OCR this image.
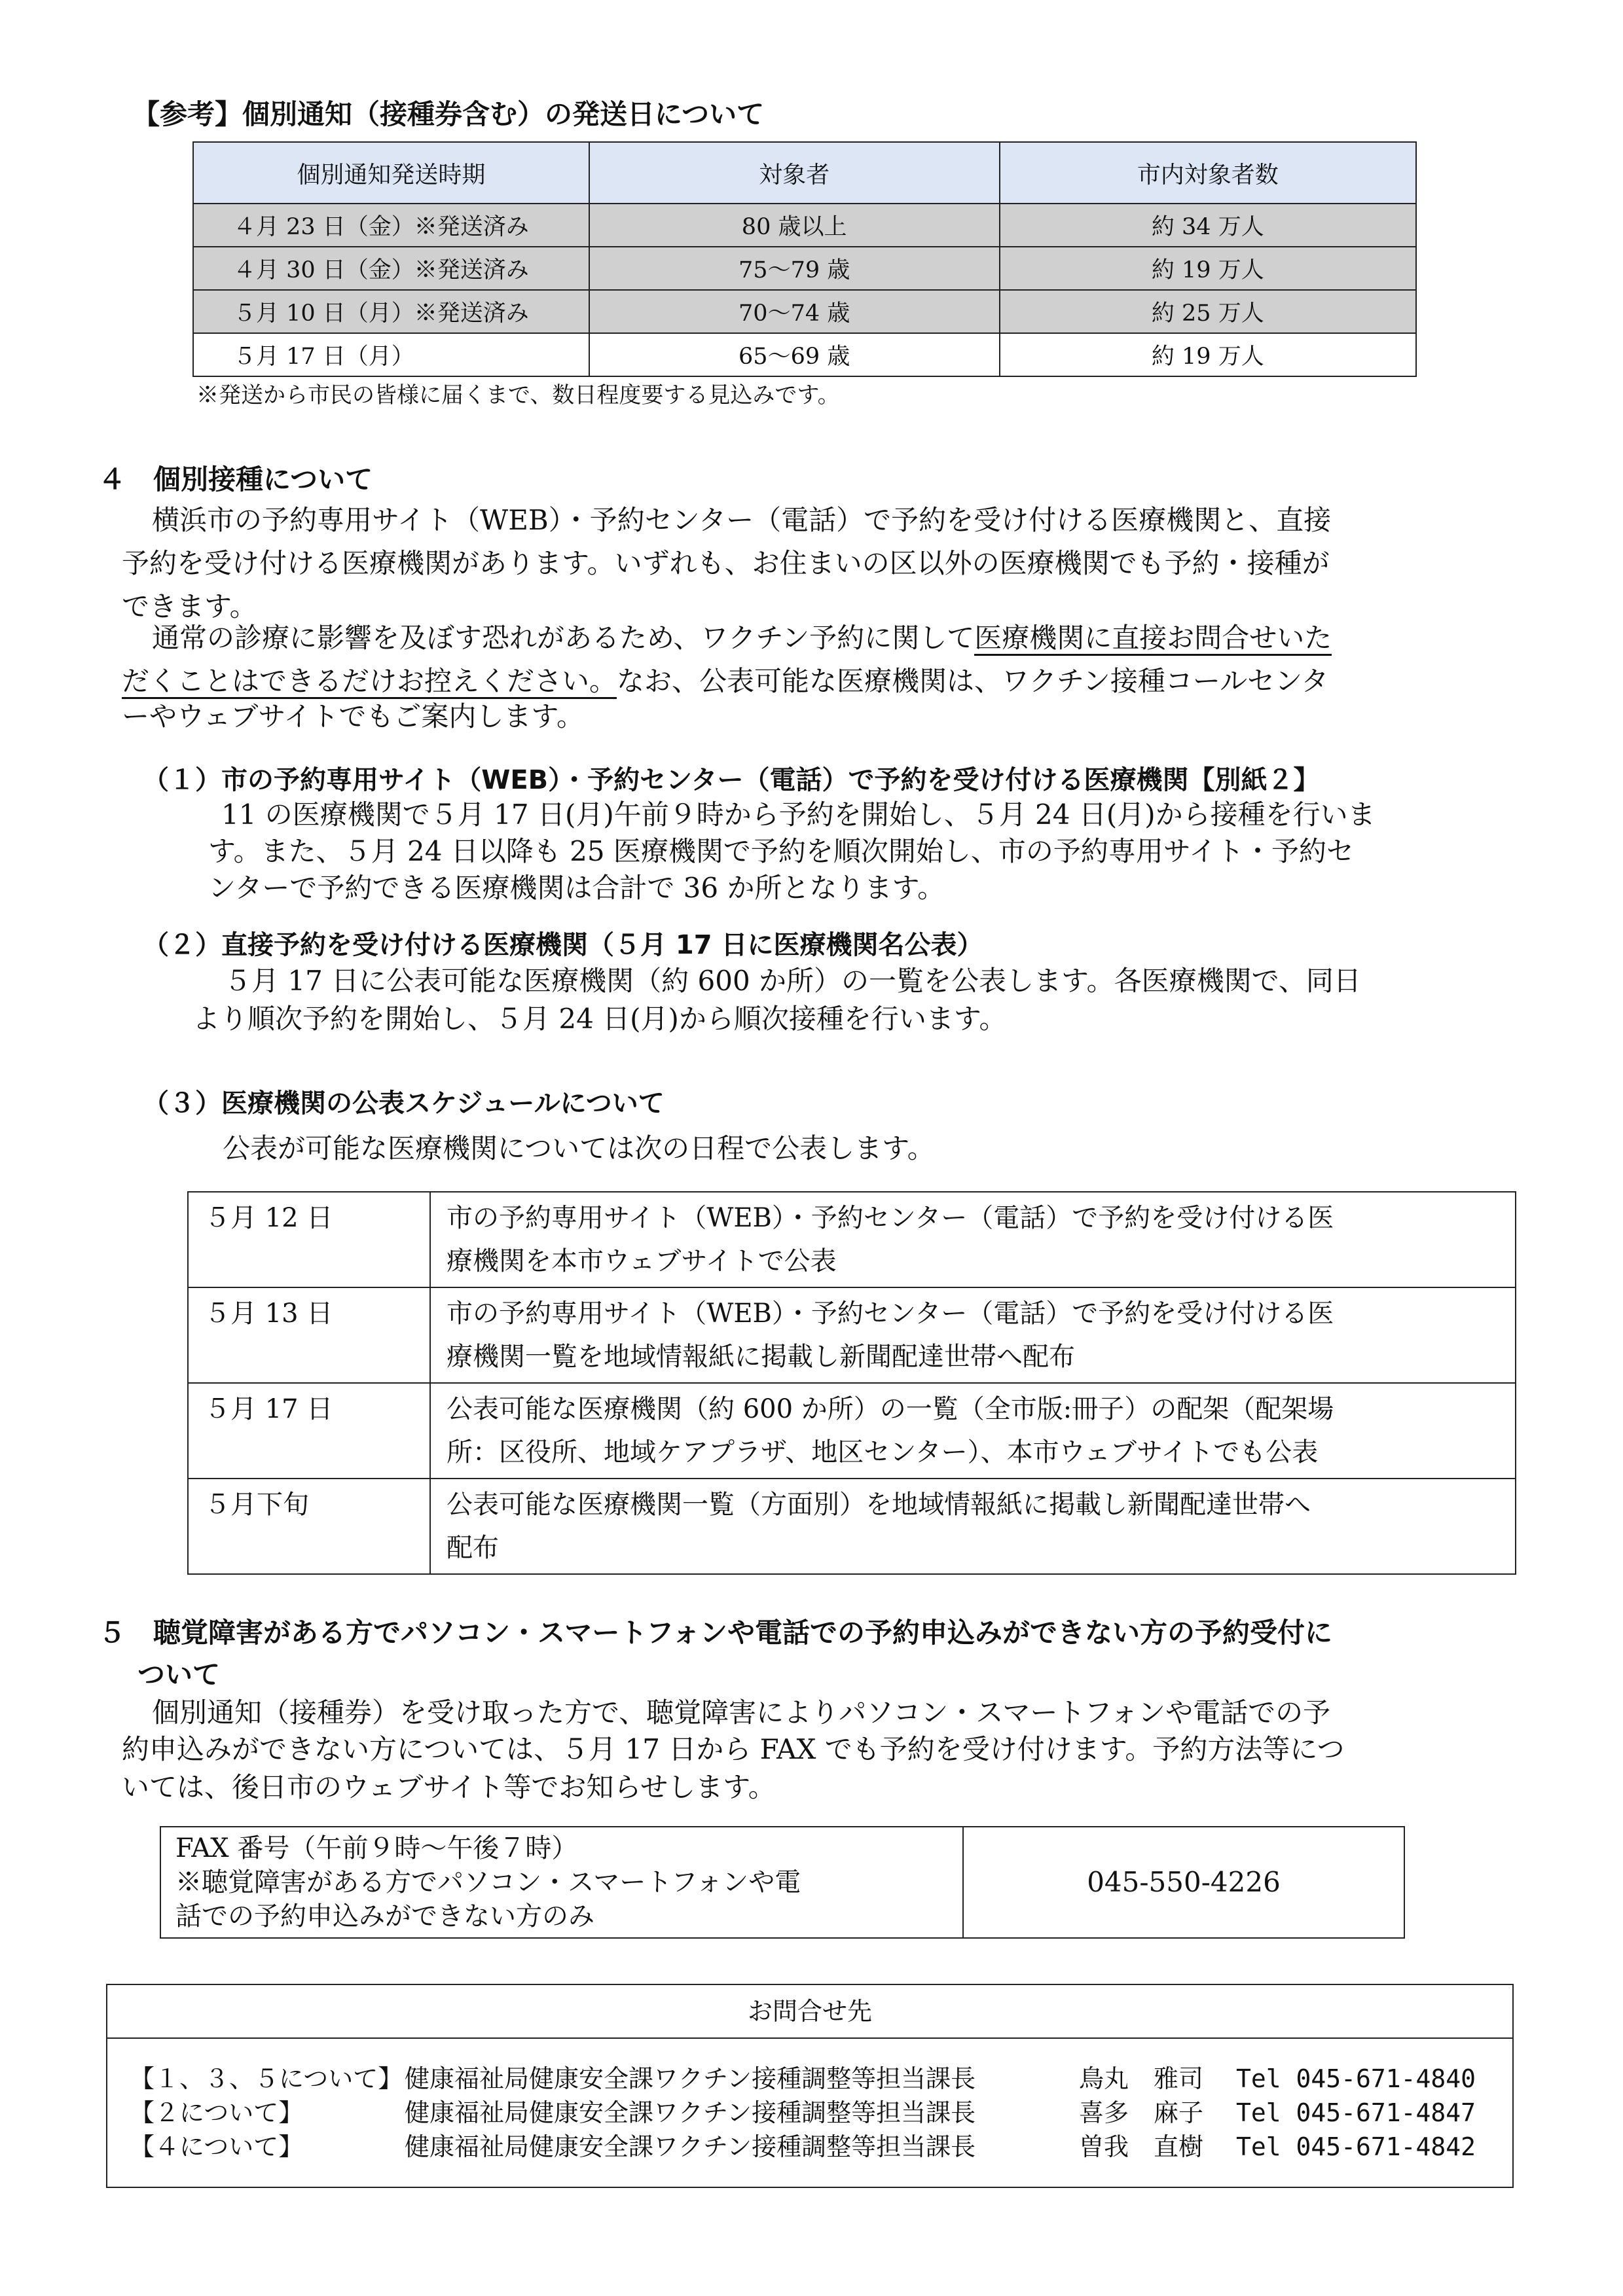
【参考】個別通知（接種券含む）の発送日について
個別通知発送時期	対象者	市内対象者数
４月 23 日（金）※発送済み	80 歳以上	約 34 万人
４月 30 日（金）※発送済み	75～79 歳	約 19 万人
５月 10 日（月）※発送済み	70～74 歳	約 25 万人
５月 17 日（月）	65～69 歳	約 19 万人
※発送から市民の皆様に届くまで、数日程度要する見込みです。
４　個別接種について
横浜市の予約専用サイト（WEB）・予約センター（電話）で予約を受け付ける医療機関と、直接
予約を受け付ける医療機関があります。いずれも、お住まいの区以外の医療機関でも予約・接種が
できます。
通常の診療に影響を及ぼす恐れがあるため、ワクチン予約に関して医療機関に直接お問合せいた
だくことはできるだけお控えください。なお、公表可能な医療機関は、ワクチン接種コールセンタ
ーやウェブサイトでもご案内します。
（１）市の予約専用サイト（WEB）・予約センター（電話）で予約を受け付ける医療機関【別紙２】
11 の医療機関で５月 17 日(月)午前９時から予約を開始し、５月 24 日(月)から接種を行いま
す。また、５月 24 日以降も 25 医療機関で予約を順次開始し、市の予約専用サイト・予約セ
ンターで予約できる医療機関は合計で 36 か所となります。
（２）直接予約を受け付ける医療機関（５月 17 日に医療機関名公表）
５月 17 日に公表可能な医療機関（約 600 か所）の一覧を公表します。各医療機関で、同日
より順次予約を開始し、５月 24 日(月)から順次接種を行います。
（３）医療機関の公表スケジュールについて
公表が可能な医療機関については次の日程で公表します。
５月 12 日	市の予約専用サイト（WEB）・予約センター（電話）で予約を受け付ける医
療機関を本市ウェブサイトで公表

５月 13 日	市の予約専用サイト（WEB）・予約センター（電話）で予約を受け付ける医
療機関一覧を地域情報紙に掲載し新聞配達世帯へ配布

５月 17 日	公表可能な医療機関（約 600 か所）の一覧（全市版:冊子）の配架（配架場
所：区役所、地域ケアプラザ、地区センター）、本市ウェブサイトでも公表

５月下旬	公表可能な医療機関一覧（方面別）を地域情報紙に掲載し新聞配達世帯へ
配布
５　聴覚障害がある方でパソコン・スマートフォンや電話での予約申込みができない方の予約受付に
ついて
個別通知（接種券）を受け取った方で、聴覚障害によりパソコン・スマートフォンや電話での予
約申込みができない方については、５月 17 日から FAX でも予約を受け付けます。予約方法等につ
いては、後日市のウェブサイト等でお知らせします。
FAX 番号（午前９時～午後７時）
※聴覚障害がある方でパソコン・スマートフォンや電
話での予約申込みができない方のみ
	045-550-4226
お問合せ先
【１、３、５について】健康福祉局健康安全課ワクチン接種調整等担当課長	鳥丸　雅司 Tel 045-671-4840
【２について】	健康福祉局健康安全課ワクチン接種調整等担当課長	喜多　麻子 Tel 045-671-4847
【４について】	健康福祉局健康安全課ワクチン接種調整等担当課長	曽我　直樹 Tel 045-671-4842
